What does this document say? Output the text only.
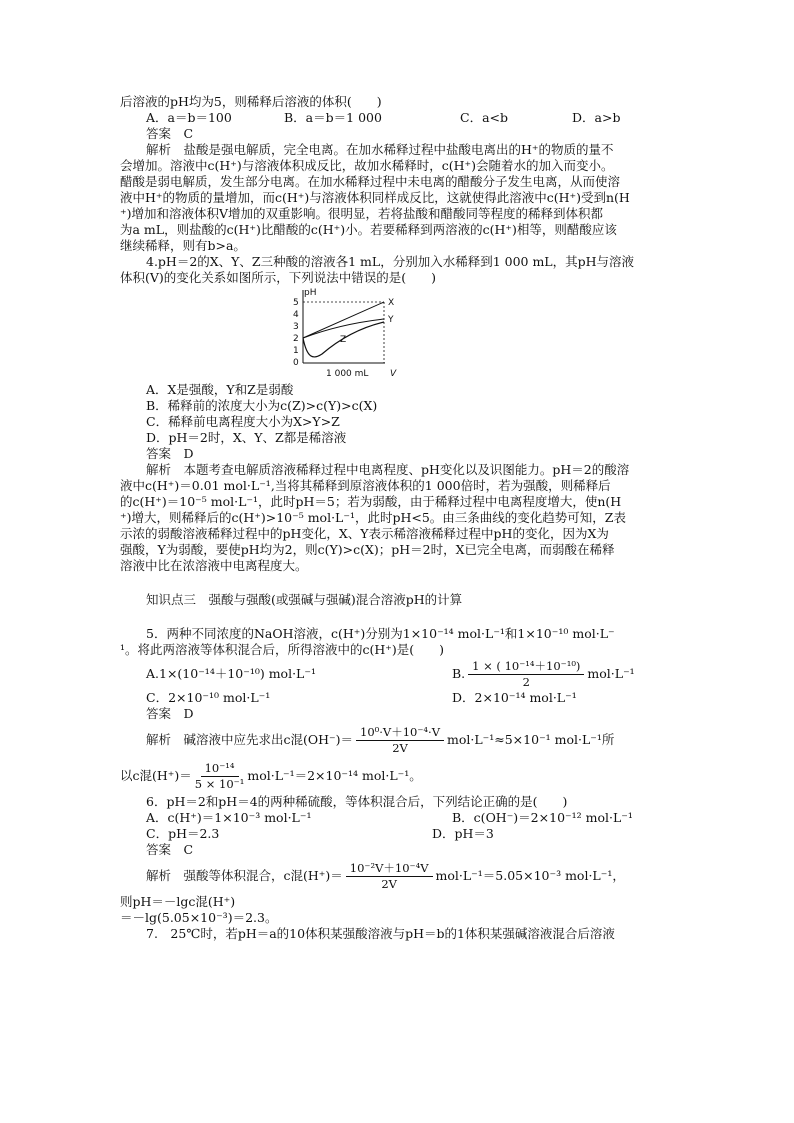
后溶液的pH均为5，则稀释后溶液的体积(　　)
A．a＝b＝100	B．a＝b＝1 000	C．a<b	D．a>b
答案　C
解析　盐酸是强电解质，完全电离。在加水稀释过程中盐酸电离出的H⁺的物质的量不
会增加。溶液中c(H⁺)与溶液体积成反比，故加水稀释时，c(H⁺)会随着水的加入而变小。
醋酸是弱电解质，发生部分电离。在加水稀释过程中未电离的醋酸分子发生电离，从而使溶
液中H⁺的物质的量增加，而c(H⁺)与溶液体积同样成反比，这就使得此溶液中c(H⁺)受到n(H
⁺)增加和溶液体积V增加的双重影响。很明显，若将盐酸和醋酸同等程度的稀释到体积都
为a mL，则盐酸的c(H⁺)比醋酸的c(H⁺)小。若要稀释到两溶液的c(H⁺)相等，则醋酸应该
继续稀释，则有b>a。
4.pH＝2的X、Y、Z三种酸的溶液各1 mL，分别加入水稀释到1 000 mL，其pH与溶液
体积(V)的变化关系如图所示，下列说法中错误的是(　　)
pH
5
4
3
2
1
0
X
Y
Z
1 000 mL V
A．X是强酸，Y和Z是弱酸
B．稀释前的浓度大小为c(Z)>c(Y)>c(X)
C．稀释前电离程度大小为X>Y>Z
D．pH＝2时，X、Y、Z都是稀溶液
答案　D
解析　本题考查电解质溶液稀释过程中电离程度、pH变化以及识图能力。pH＝2的酸溶
液中c(H⁺)＝0.01 mol·L⁻¹,当将其稀释到原溶液体积的1 000倍时，若为强酸，则稀释后
的c(H⁺)＝10⁻⁵ mol·L⁻¹，此时pH＝5；若为弱酸，由于稀释过程中电离程度增大，使n(H
⁺)增大，则稀释后的c(H⁺)>10⁻⁵ mol·L⁻¹，此时pH<5。由三条曲线的变化趋势可知，Z表
示浓的弱酸溶液稀释过程中的pH变化，X、Y表示稀溶液稀释过程中pH的变化，因为X为
强酸，Y为弱酸，要使pH均为2，则c(Y)>c(X)；pH＝2时，X已完全电离，而弱酸在稀释
溶液中比在浓溶液中电离程度大。
知识点三　强酸与强酸(或强碱与强碱)混合溶液pH的计算
5．两种不同浓度的NaOH溶液，c(H⁺)分别为1×10⁻¹⁴ mol·L⁻¹和1×10⁻¹⁰ mol·L⁻
¹。将此两溶液等体积混合后，所得溶液中的c(H⁺)是(　　)
A.1×(10⁻¹⁴＋10⁻¹⁰) mol·L⁻¹	B. $\frac{\text{1 × ( 10⁻¹⁴＋10⁻¹⁰)}}{2} mol\cdot L^{-1}$
C．2×10⁻¹⁰ mol·L⁻¹	D．2×10⁻¹⁴ mol·L⁻¹
答案　D
解析　碱溶液中应先求出c混$(OH^-)= \frac{\text{10⁰·V＋10⁻⁴·V}}{2V} mol\cdot L^{-1}\approx 5\times 10^{-1}$ mol·L⁻¹所
以c混$(H^+)= \frac{\text{10⁻¹⁴}}{\text{5 × 10⁻¹}} mol\cdot L^{-1}=2\times 10^{-14}$ mol·L⁻¹。
6．pH＝2和pH＝4的两种稀硫酸，等体积混合后，下列结论正确的是(　　)
A．c(H⁺)＝1×10⁻³ mol·L⁻¹	B．c(OH⁻)＝2×10⁻¹² mol·L⁻¹
C．pH＝2.3	D．pH＝3
答案　C
解析　强酸等体积混合，c混$(H^+)= \frac{\text{10⁻²V＋10⁻⁴V}}{2V} mol\cdot L^{-1}=5.05\times 10^{-3}$ mol·L⁻¹，
则pH＝－lgc混(H⁺)
＝－lg(5.05×10⁻³)＝2.3。
7.　25℃时，若pH＝a的10体积某强酸溶液与pH＝b的1体积某强碱溶液混合后溶液
